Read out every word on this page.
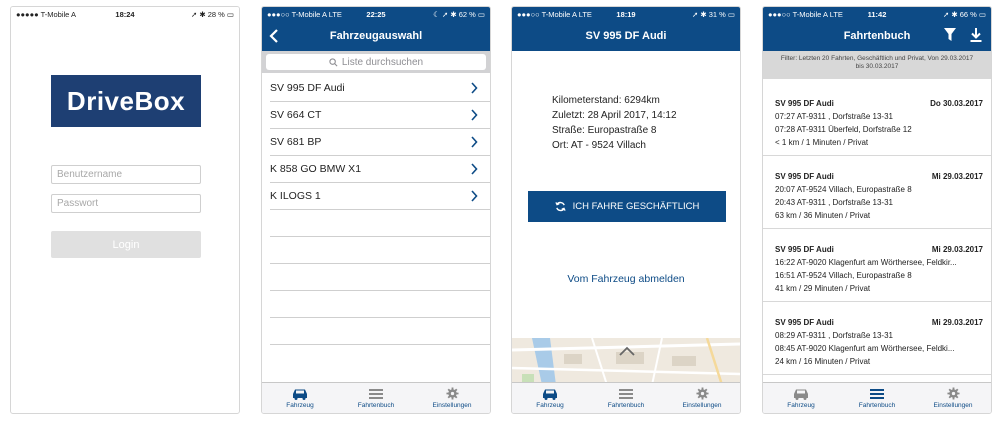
●●●●● T-Mobile A	18:24	➚ ✱ 28 % ▭
DriveBox
Benutzername
Login
●●●○○ T-Mobile A LTE	22:25	☾ ➚ ✱ 62 % ▭
Fahrzeugauswahl
Liste durchsuchen
SV 995 DF Audi
SV 664 CT
SV 681 BP
K 858 GO BMW X1
K ILOGS 1
Fahrzeug	Fahrtenbuch	Einstellungen
●●●○○ T-Mobile A LTE	18:19	➚ ✱ 31 % ▭
SV 995 DF Audi
Kilometerstand: 6294km
Zuletzt: 28 April 2017, 14:12
Straße: Europastraße 8
Ort: AT - 9524 Villach
ICH FAHRE GESCHÄFTLICH
Vom Fahrzeug abmelden
Fahrzeug	Fahrtenbuch	Einstellungen
●●●○○ T-Mobile A LTE	11:42	➚ ✱ 66 % ▭
Fahrtenbuch
Filter: Letzten 20 Fahrten, Geschäftlich und Privat, Von 29.03.2017 bis 30.03.2017
SV 995 DF Audi	Do 30.03.2017
07:27 AT-9311 , Dorfstraße 13-31
07:28 AT-9311 Überfeld, Dorfstraße 12
< 1 km / 1 Minuten / Privat
SV 995 DF Audi	Mi 29.03.2017
20:07 AT-9524 Villach, Europastraße 8
20:43 AT-9311 , Dorfstraße 13-31
63 km / 36 Minuten / Privat
SV 995 DF Audi	Mi 29.03.2017
16:22 AT-9020 Klagenfurt am Wörthersee, Feldkir...
16:51 AT-9524 Villach, Europastraße 8
41 km / 29 Minuten / Privat
SV 995 DF Audi	Mi 29.03.2017
08:29 AT-9311 , Dorfstraße 13-31
08:45 AT-9020 Klagenfurt am Wörthersee, Feldki...
24 km / 16 Minuten / Privat
Fahrzeug	Fahrtenbuch	Einstellungen
